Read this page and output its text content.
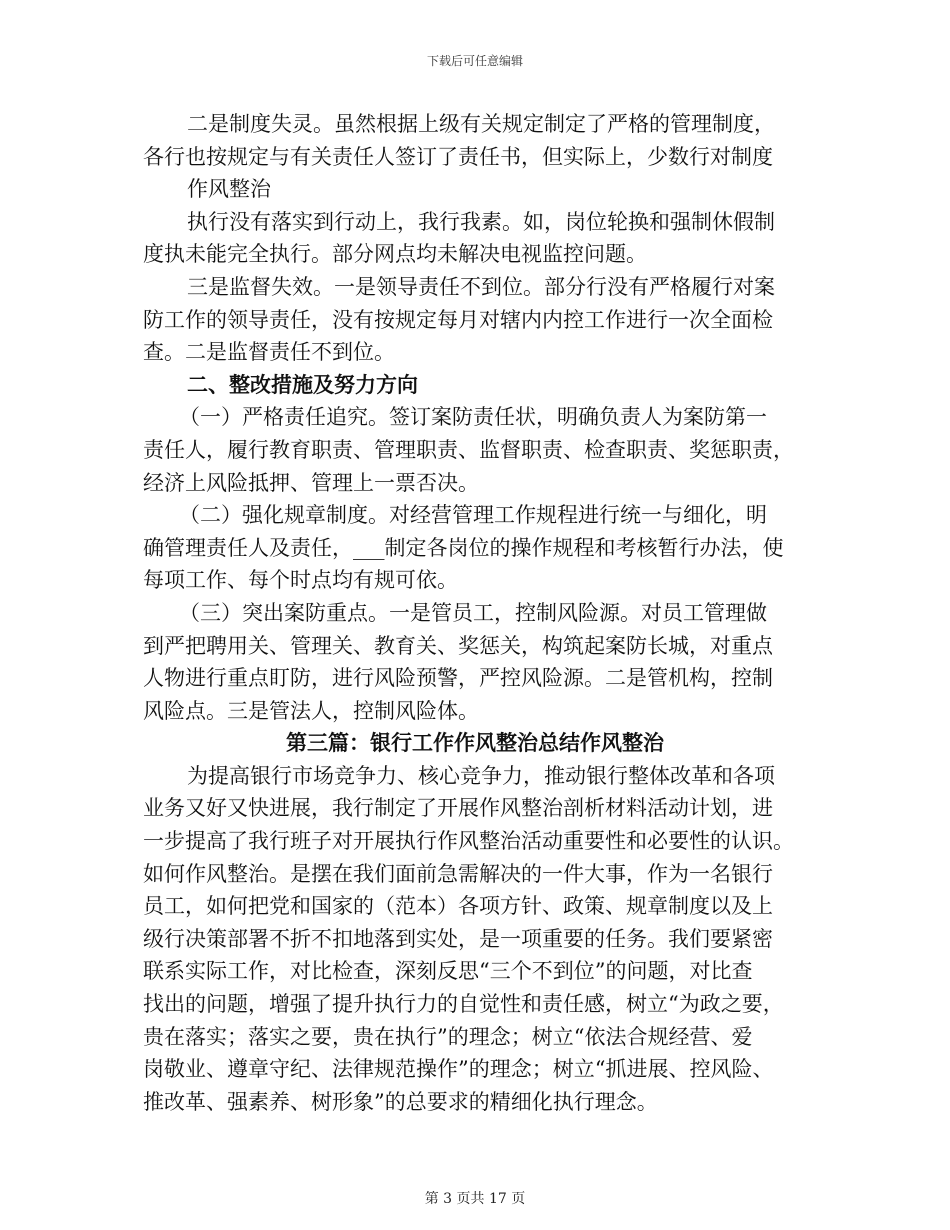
下载后可任意编辑
二是制度失灵。虽然根据上级有关规定制定了严格的管理制度，
各行也按规定与有关责任人签订了责任书，但实际上，少数行对制度
作风整治
执行没有落实到行动上，我行我素。如，岗位轮换和强制休假制
度执未能完全执行。部分网点均未解决电视监控问题。
三是监督失效。一是领导责任不到位。部分行没有严格履行对案
防工作的领导责任，没有按规定每月对辖内内控工作进行一次全面检
查。二是监督责任不到位。
二、整改措施及努力方向
（一）严格责任追究。签订案防责任状，明确负责人为案防第一
责任人，履行教育职责、管理职责、监督职责、检查职责、奖惩职责，
经济上风险抵押、管理上一票否决。
（二）强化规章制度。对经营管理工作规程进行统一与细化，明
确管理责任人及责任，___制定各岗位的操作规程和考核暂行办法，使
每项工作、每个时点均有规可依。
（三）突出案防重点。一是管员工，控制风险源。对员工管理做
到严把聘用关、管理关、教育关、奖惩关，构筑起案防长城，对重点
人物进行重点盯防，进行风险预警，严控风险源。二是管机构，控制
风险点。三是管法人，控制风险体。
第三篇：银行工作作风整治总结作风整治
为提高银行市场竞争力、核心竞争力，推动银行整体改革和各项
业务又好又快进展，我行制定了开展作风整治剖析材料活动计划，进
一步提高了我行班子对开展执行作风整治活动重要性和必要性的认识。
如何作风整治。是摆在我们面前急需解决的一件大事，作为一名银行
员工，如何把党和国家的（范本）各项方针、政策、规章制度以及上
级行决策部署不折不扣地落到实处，是一项重要的任务。我们要紧密
联系实际工作，对比检查，深刻反思“三个不到位”的问题，对比查
找出的问题，增强了提升执行力的自觉性和责任感，树立“为政之要，
贵在落实；落实之要，贵在执行”的理念；树立“依法合规经营、爱
岗敬业、遵章守纪、法律规范操作”的理念；树立“抓进展、控风险、
推改革、强素养、树形象”的总要求的精细化执行理念。
第 3 页共 17 页
